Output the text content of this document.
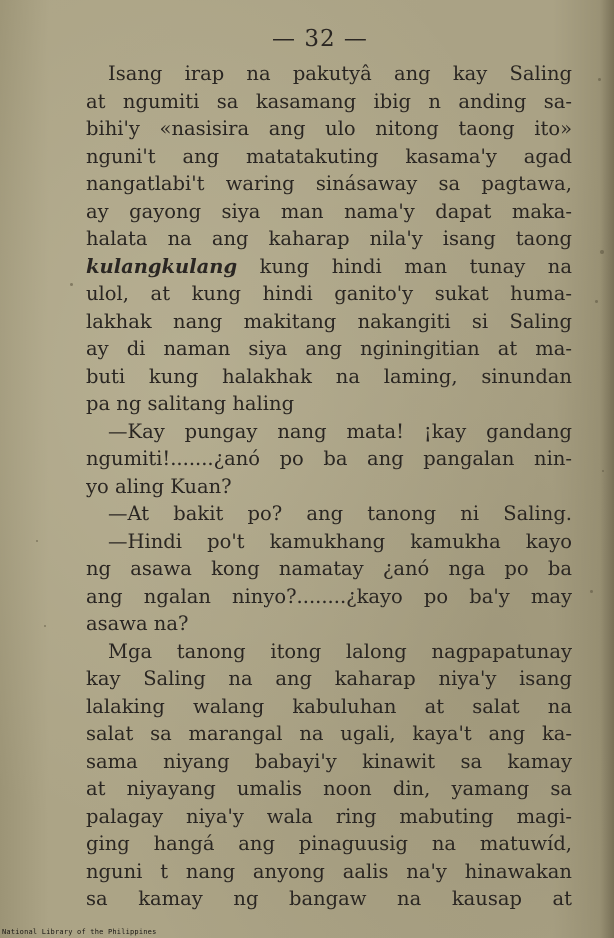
— 32 —
Isang irap na pakutyâ ang kay Saling
at ngumiti sa kasamang ibig n anding sa-
bihi'y «nasisira ang ulo nitong taong ito»
nguni't ang matatakuting kasama'y agad
nangatlabi't waring sinásaway sa pagtawa,
ay gayong siya man nama'y dapat maka-
halata na ang kaharap nila'y isang taong
kulangkulang kung hindi man tunay na
ulol, at kung hindi ganito'y sukat huma-
lakhak nang makitang nakangiti si Saling
ay di naman siya ang nginingitian at ma-
buti kung halakhak na laming, sinundan
pa ng salitang haling
—Kay pungay nang mata! ¡kay gandang
ngumiti!.......¿anó po ba ang pangalan nin-
yo aling Kuan?
—At bakit po? ang tanong ni Saling.
—Hindi po't kamukhang kamukha kayo
ng asawa kong namatay ¿anó nga po ba
ang ngalan ninyo?........¿kayo po ba'y may
asawa na?
Mga tanong itong lalong nagpapatunay
kay Saling na ang kaharap niya'y isang
lalaking walang kabuluhan at salat na
salat sa marangal na ugali, kaya't ang ka-
sama niyang babayi'y kinawit sa kamay
at niyayang umalis noon din, yamang sa
palagay niya'y wala ring mabuting magi-
ging hangá ang pinaguusig na matuwíd,
nguni t nang anyong aalis na'y hinawakan
sa kamay ng bangaw na kausap at
National Library of the Philippines
